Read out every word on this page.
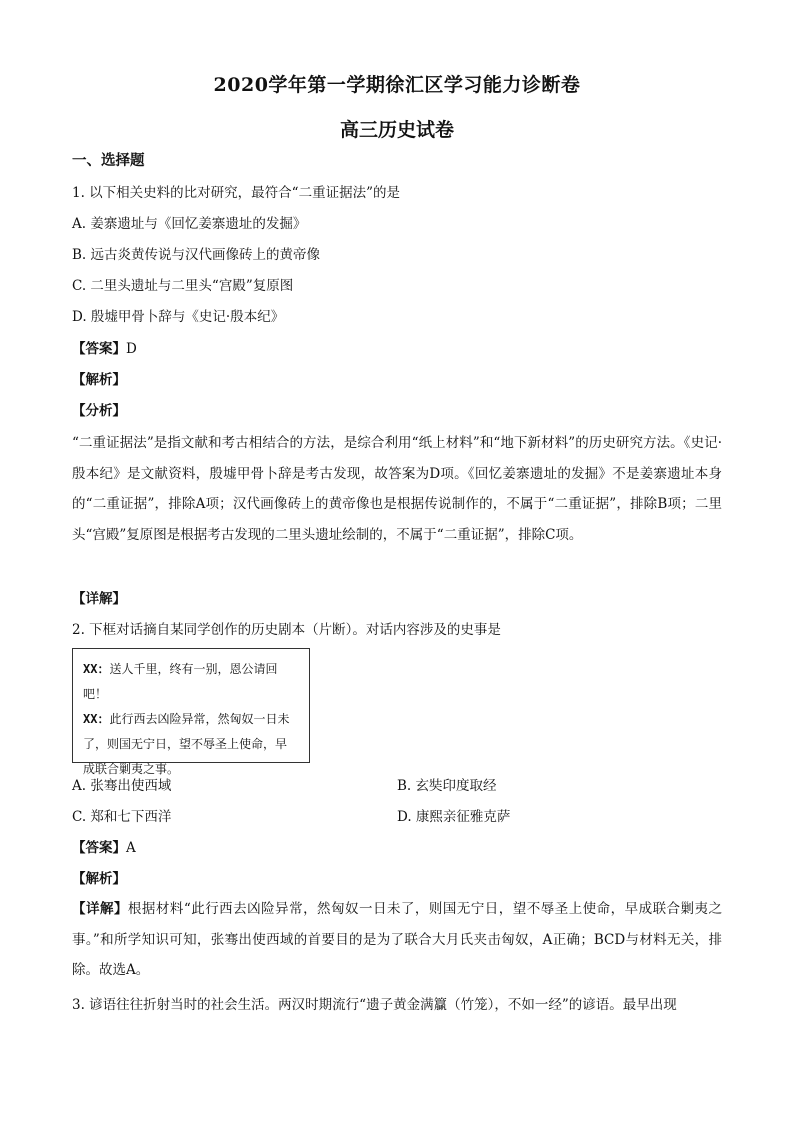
2020学年第一学期徐汇区学习能力诊断卷
高三历史试卷
一、选择题
1. 以下相关史料的比对研究，最符合“二重证据法”的是
A. 姜寨遗址与《回忆姜寨遗址的发掘》
B. 远古炎黄传说与汉代画像砖上的黄帝像
C. 二里头遗址与二里头“宫殿”复原图
D. 殷墟甲骨卜辞与《史记·殷本纪》
【答案】D
【解析】
【分析】
“二重证据法”是指文献和考古相结合的方法，是综合利用“纸上材料”和“地下新材料”的历史研究方法。《史记·殷本纪》是文献资料，殷墟甲骨卜辞是考古发现，故答案为D项。《回忆姜寨遗址的发掘》不是姜寨遗址本身的“二重证据”，排除A项；汉代画像砖上的黄帝像也是根据传说制作的，不属于“二重证据”，排除B项；二里头“宫殿”复原图是根据考古发现的二里头遗址绘制的，不属于“二重证据”，排除C项。
【详解】
2. 下框对话摘自某同学创作的历史剧本（片断）。对话内容涉及的史事是

XX：送人千里，终有一别，恩公请回吧！

XX：此行西去凶险异常，然匈奴一日未

了，则国无宁日，望不辱圣上使命，早

成联合剿夷之事。

A. 张骞出使西域	B. 玄奘印度取经
C. 郑和七下西洋	D. 康熙亲征雅克萨
【答案】A
【解析】
【详解】根据材料“此行西去凶险异常，然匈奴一日未了，则国无宁日，望不辱圣上使命，早成联合剿夷之事。”和所学知识可知，张骞出使西域的首要目的是为了联合大月氏夹击匈奴，A正确；BCD与材料无关，排除。故选A。
3. 谚语往往折射当时的社会生活。两汉时期流行“遗子黄金满籯（竹笼），不如一经”的谚语。最早出现
